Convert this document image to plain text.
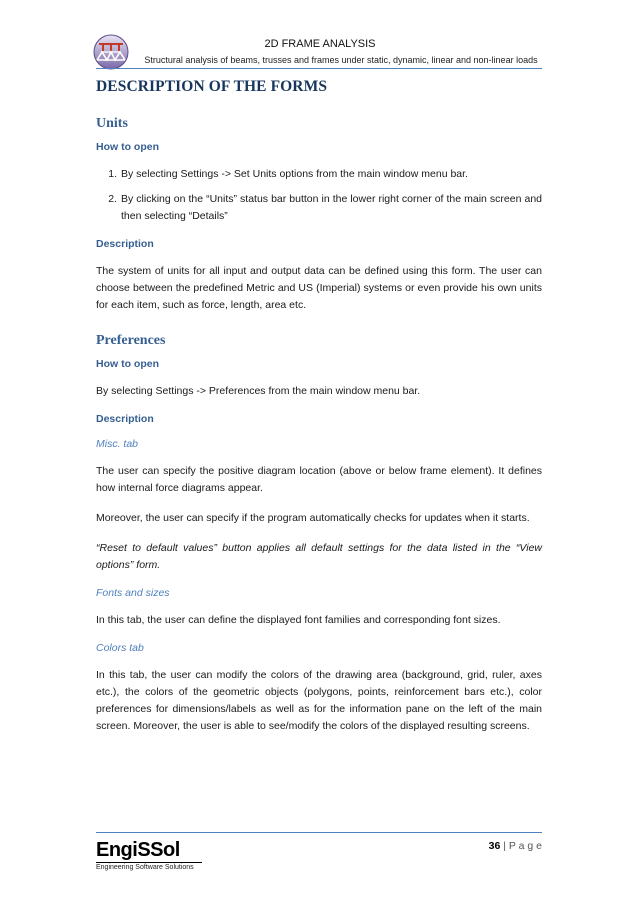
2D FRAME ANALYSIS
Structural analysis of beams, trusses and frames under static, dynamic, linear and non-linear loads
DESCRIPTION OF THE FORMS
Units
How to open
1. By selecting Settings -> Set Units options from the main window menu bar.
2. By clicking on the “Units” status bar button in the lower right corner of the main screen and then selecting “Details”
Description

The system of units for all input and output data can be defined using this form. The user can choose between the predefined Metric and US (Imperial) systems or even provide his own units for each item, such as force, length, area etc.

Preferences
How to open

By selecting Settings -> Preferences from the main window menu bar.

Description
Misc. tab

The user can specify the positive diagram location (above or below frame element). It defines how internal force diagrams appear.

Moreover, the user can specify if the program automatically checks for updates when it starts.

“Reset to default values” button applies all default settings for the data listed in the “View options” form.

Fonts and sizes

In this tab, the user can define the displayed font families and corresponding font sizes.

Colors tab

In this tab, the user can modify the colors of the drawing area (background, grid, ruler, axes etc.), the colors of the geometric objects (polygons, points, reinforcement bars etc.), color preferences for dimensions/labels as well as for the information pane on the left of the main screen. Moreover, the user is able to see/modify the colors of the displayed resulting screens.

EngiSSol
Engineering Software Solutions
36 | P a g e
